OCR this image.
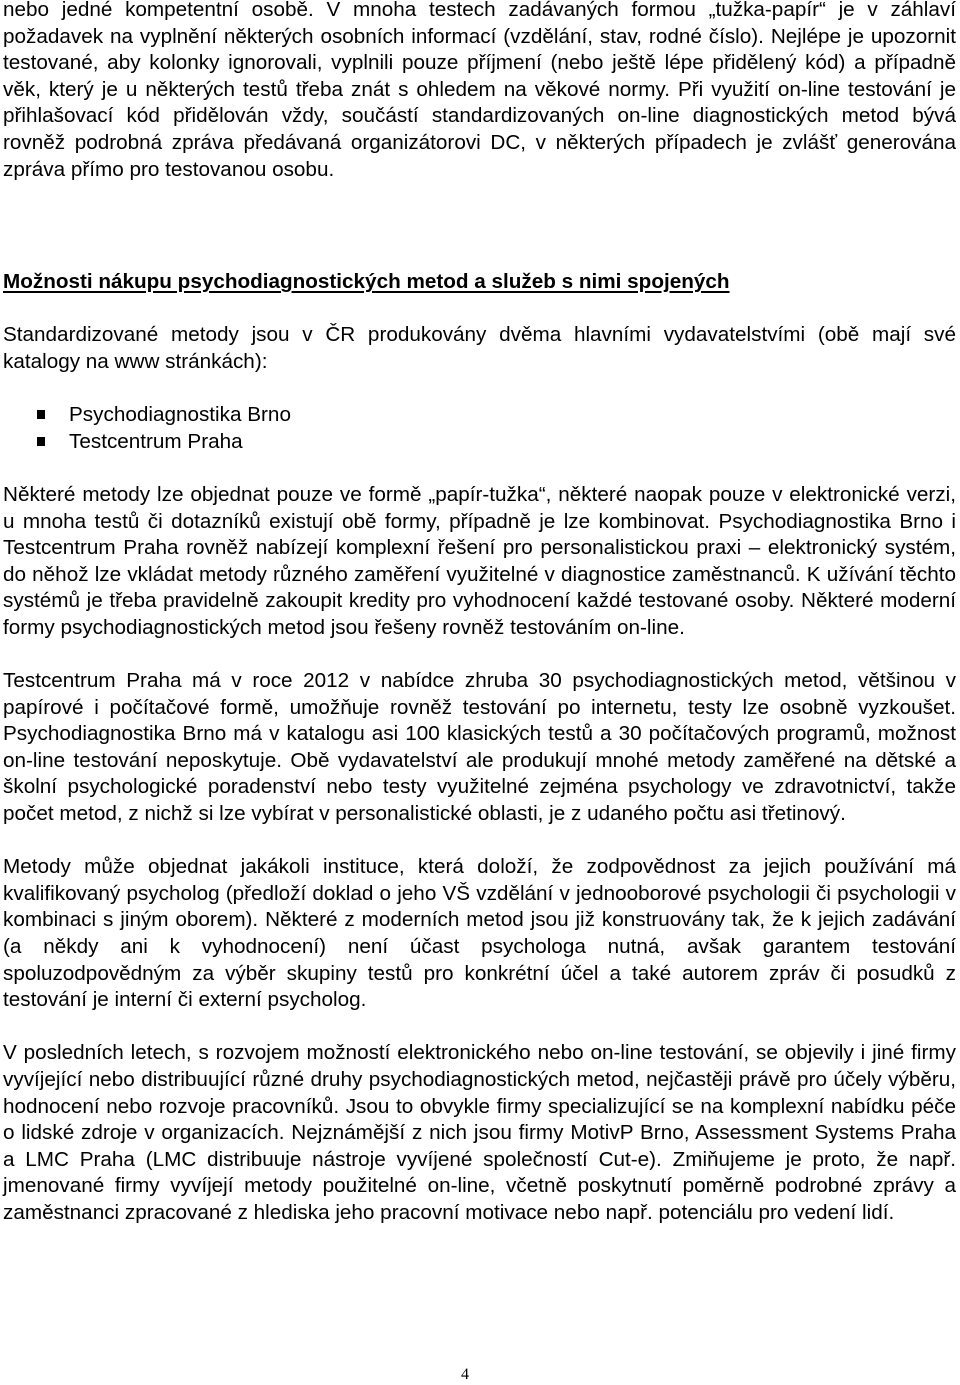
nebo jedné kompetentní osobě. V mnoha testech zadávaných formou „tužka-papír“ je v záhlaví požadavek na vyplnění některých osobních informací (vzdělání, stav, rodné číslo). Nejlépe je upozornit testované, aby kolonky ignorovali, vyplnili pouze příjmení (nebo ještě lépe přidělený kód) a případně věk, který je u některých testů třeba znát s ohledem na věkové normy. Při využití on-line testování je přihlašovací kód přidělován vždy, součástí standardizovaných on-line diagnostických metod bývá rovněž podrobná zpráva předávaná organizátorovi DC, v některých případech je zvlášť generována zpráva přímo pro testovanou osobu.

Možnosti nákupu psychodiagnostických metod a služeb s nimi spojených

Standardizované metody jsou v ČR produkovány dvěma hlavními vydavatelstvími (obě mají své katalogy na www stránkách):

Psychodiagnostika Brno
Testcentrum Praha

Některé metody lze objednat pouze ve formě „papír-tužka“, některé naopak pouze v elektronické verzi, u mnoha testů či dotazníků existují obě formy, případně je lze kombinovat. Psychodiagnostika Brno i Testcentrum Praha rovněž nabízejí komplexní řešení pro personalistickou praxi – elektronický systém, do něhož lze vkládat metody různého zaměření využitelné v diagnostice zaměstnanců. K užívání těchto systémů je třeba pravidelně zakoupit kredity pro vyhodnocení každé testované osoby. Některé moderní formy psychodiagnostických metod jsou řešeny rovněž testováním on-line.

Testcentrum Praha má v roce 2012 v nabídce zhruba 30 psychodiagnostických metod, většinou v papírové i počítačové formě, umožňuje rovněž testování po internetu, testy lze osobně vyzkoušet. Psychodiagnostika Brno má v katalogu asi 100 klasických testů a 30 počítačových programů, možnost on-line testování neposkytuje. Obě vydavatelství ale produkují mnohé metody zaměřené na dětské a školní psychologické poradenství nebo testy využitelné zejména psychology ve zdravotnictví, takže počet metod, z nichž si lze vybírat v personalistické oblasti, je z udaného počtu asi třetinový.

Metody může objednat jakákoli instituce, která doloží, že zodpovědnost za jejich používání má kvalifikovaný psycholog (předloží doklad o jeho VŠ vzdělání v jednooborové psychologii či psychologii v kombinaci s jiným oborem). Některé z moderních metod jsou již konstruovány tak, že k jejich zadávání (a někdy ani k vyhodnocení) není účast psychologa nutná, avšak garantem testování spoluzodpovědným za výběr skupiny testů pro konkrétní účel a také autorem zpráv či posudků z testování je interní či externí psycholog.

V posledních letech, s rozvojem možností elektronického nebo on-line testování, se objevily i jiné firmy vyvíjející nebo distribuující různé druhy psychodiagnostických metod, nejčastěji právě pro účely výběru, hodnocení nebo rozvoje pracovníků. Jsou to obvykle firmy specializující se na komplexní nabídku péče o lidské zdroje v organizacích. Nejznámější z nich jsou firmy MotivP Brno, Assessment Systems Praha a LMC Praha (LMC distribuuje nástroje vyvíjené společností Cut-e). Zmiňujeme je proto, že např. jmenované firmy vyvíjejí metody použitelné on-line, včetně poskytnutí poměrně podrobné zprávy a zaměstnanci zpracované z hlediska jeho pracovní motivace nebo např. potenciálu pro vedení lidí.

4
